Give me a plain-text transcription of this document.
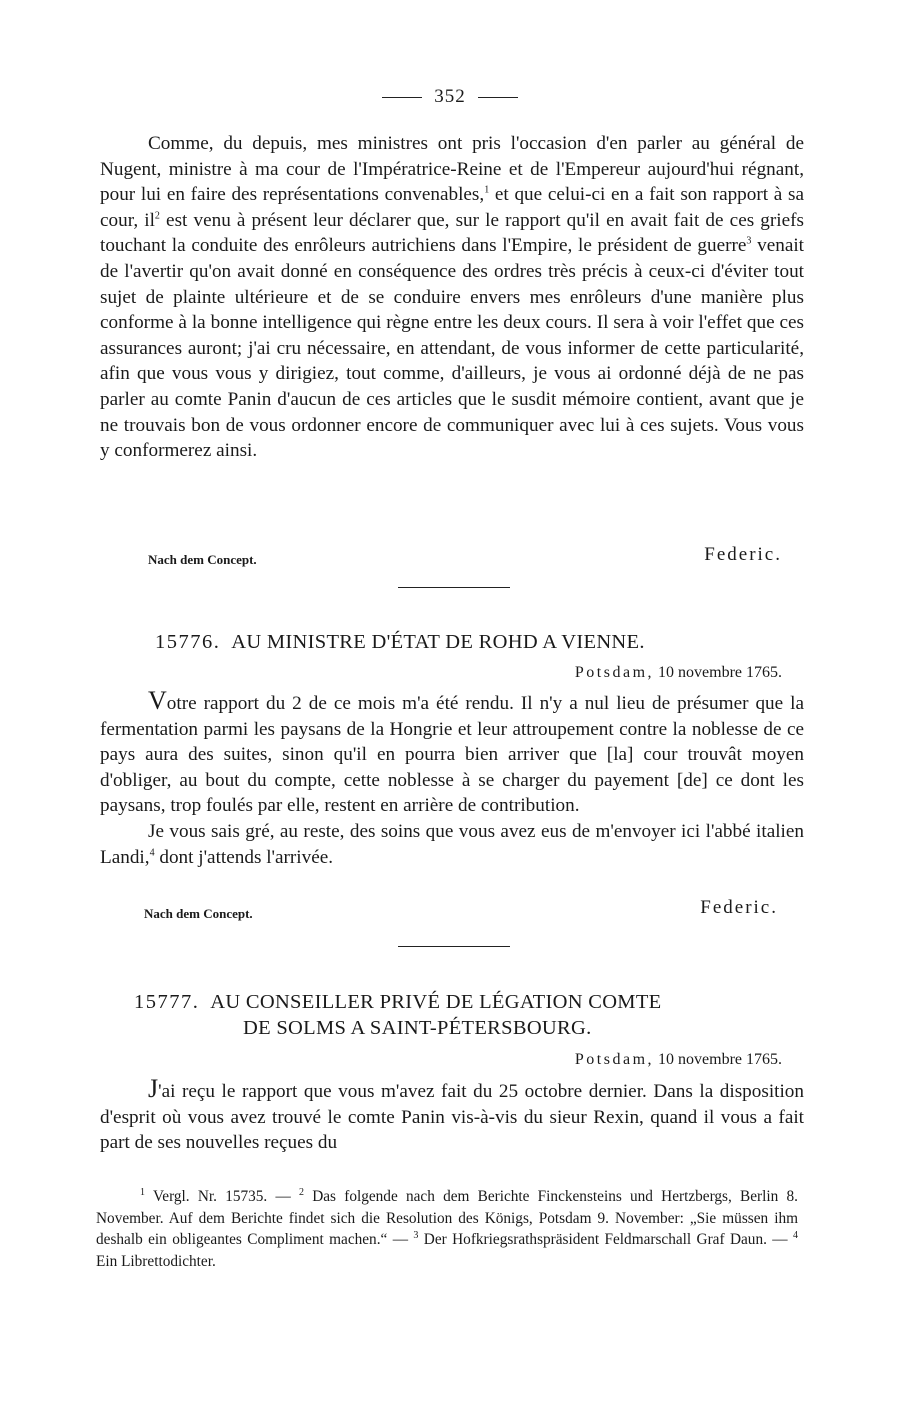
352

Comme, du depuis, mes ministres ont pris l'occasion d'en parler au général de Nugent, ministre à ma cour de l'Impératrice-Reine et de l'Empereur aujourd'hui régnant, pour lui en faire des représentations convenables,$^1$ et que celui-ci en a fait son rapport à sa cour, $il^2$ est venu à présent leur déclarer que, sur le rapport qu'il en avait fait de ces griefs touchant la conduite des enrôleurs autrichiens dans l'Empire, le président de guerre$^3$ venait de l'avertir qu'on avait donné en conséquence des ordres très précis à ceux-ci d'éviter tout sujet de plainte ultérieure et de se conduire envers mes enrôleurs d'une manière plus conforme à la bonne intelligence qui règne entre les deux cours. Il sera à voir l'effet que ces assurances auront; j'ai cru nécessaire, en attendant, de vous informer de cette particularité, afin que vous vous y dirigiez, tout comme, d'ailleurs, je vous ai ordonné déjà de ne pas parler au comte Panin d'aucun de ces articles que le susdit mémoire contient, avant que je ne trouvais bon de vous ordonner encore de communiquer avec lui à ces sujets. Vous vous y conformerez ainsi.

Nach dem Concept.	Federic.
15776. AU MINISTRE D'ÉTAT DE ROHD A VIENNE.
Potsdam, 10 novembre 1765.

Votre rapport du 2 de ce mois m'a été rendu. Il n'y a nul lieu de présumer que la fermentation parmi les paysans de la Hongrie et leur attroupement contre la noblesse de ce pays aura des suites, sinon qu'il en pourra bien arriver que [la] cour trouvât moyen d'obliger, au bout du compte, cette noblesse à se charger du payement [de] ce dont les paysans, trop foulés par elle, restent en arrière de contribution.

Je vous sais gré, au reste, des soins que vous avez eus de m'envoyer ici l'abbé italien Landi,$^4$ dont j'attends l'arrivée.

Nach dem Concept.	Federic.
15777. AU CONSEILLER PRIVÉ DE LÉGATION COMTE
DE SOLMS A SAINT-PÉTERSBOURG.
Potsdam, 10 novembre 1765.

J'ai reçu le rapport que vous m'avez fait du 25 octobre dernier. Dans la disposition d'esprit où vous avez trouvé le comte Panin vis-à-vis du sieur Rexin, quand il vous a fait part de ses nouvelles reçues du

$^1$ Vergl. Nr. 15735. — $^2$ Das folgende nach dem Berichte Finckensteins und Hertzbergs, Berlin 8. November. Auf dem Berichte findet sich die Resolution des Königs, Potsdam 9. November: „Sie müssen ihm deshalb ein obligeantes Compliment machen.“ — $^3$ Der Hofkriegsrathspräsident Feldmarschall Graf Daun. — $^4$ Ein Librettodichter.
